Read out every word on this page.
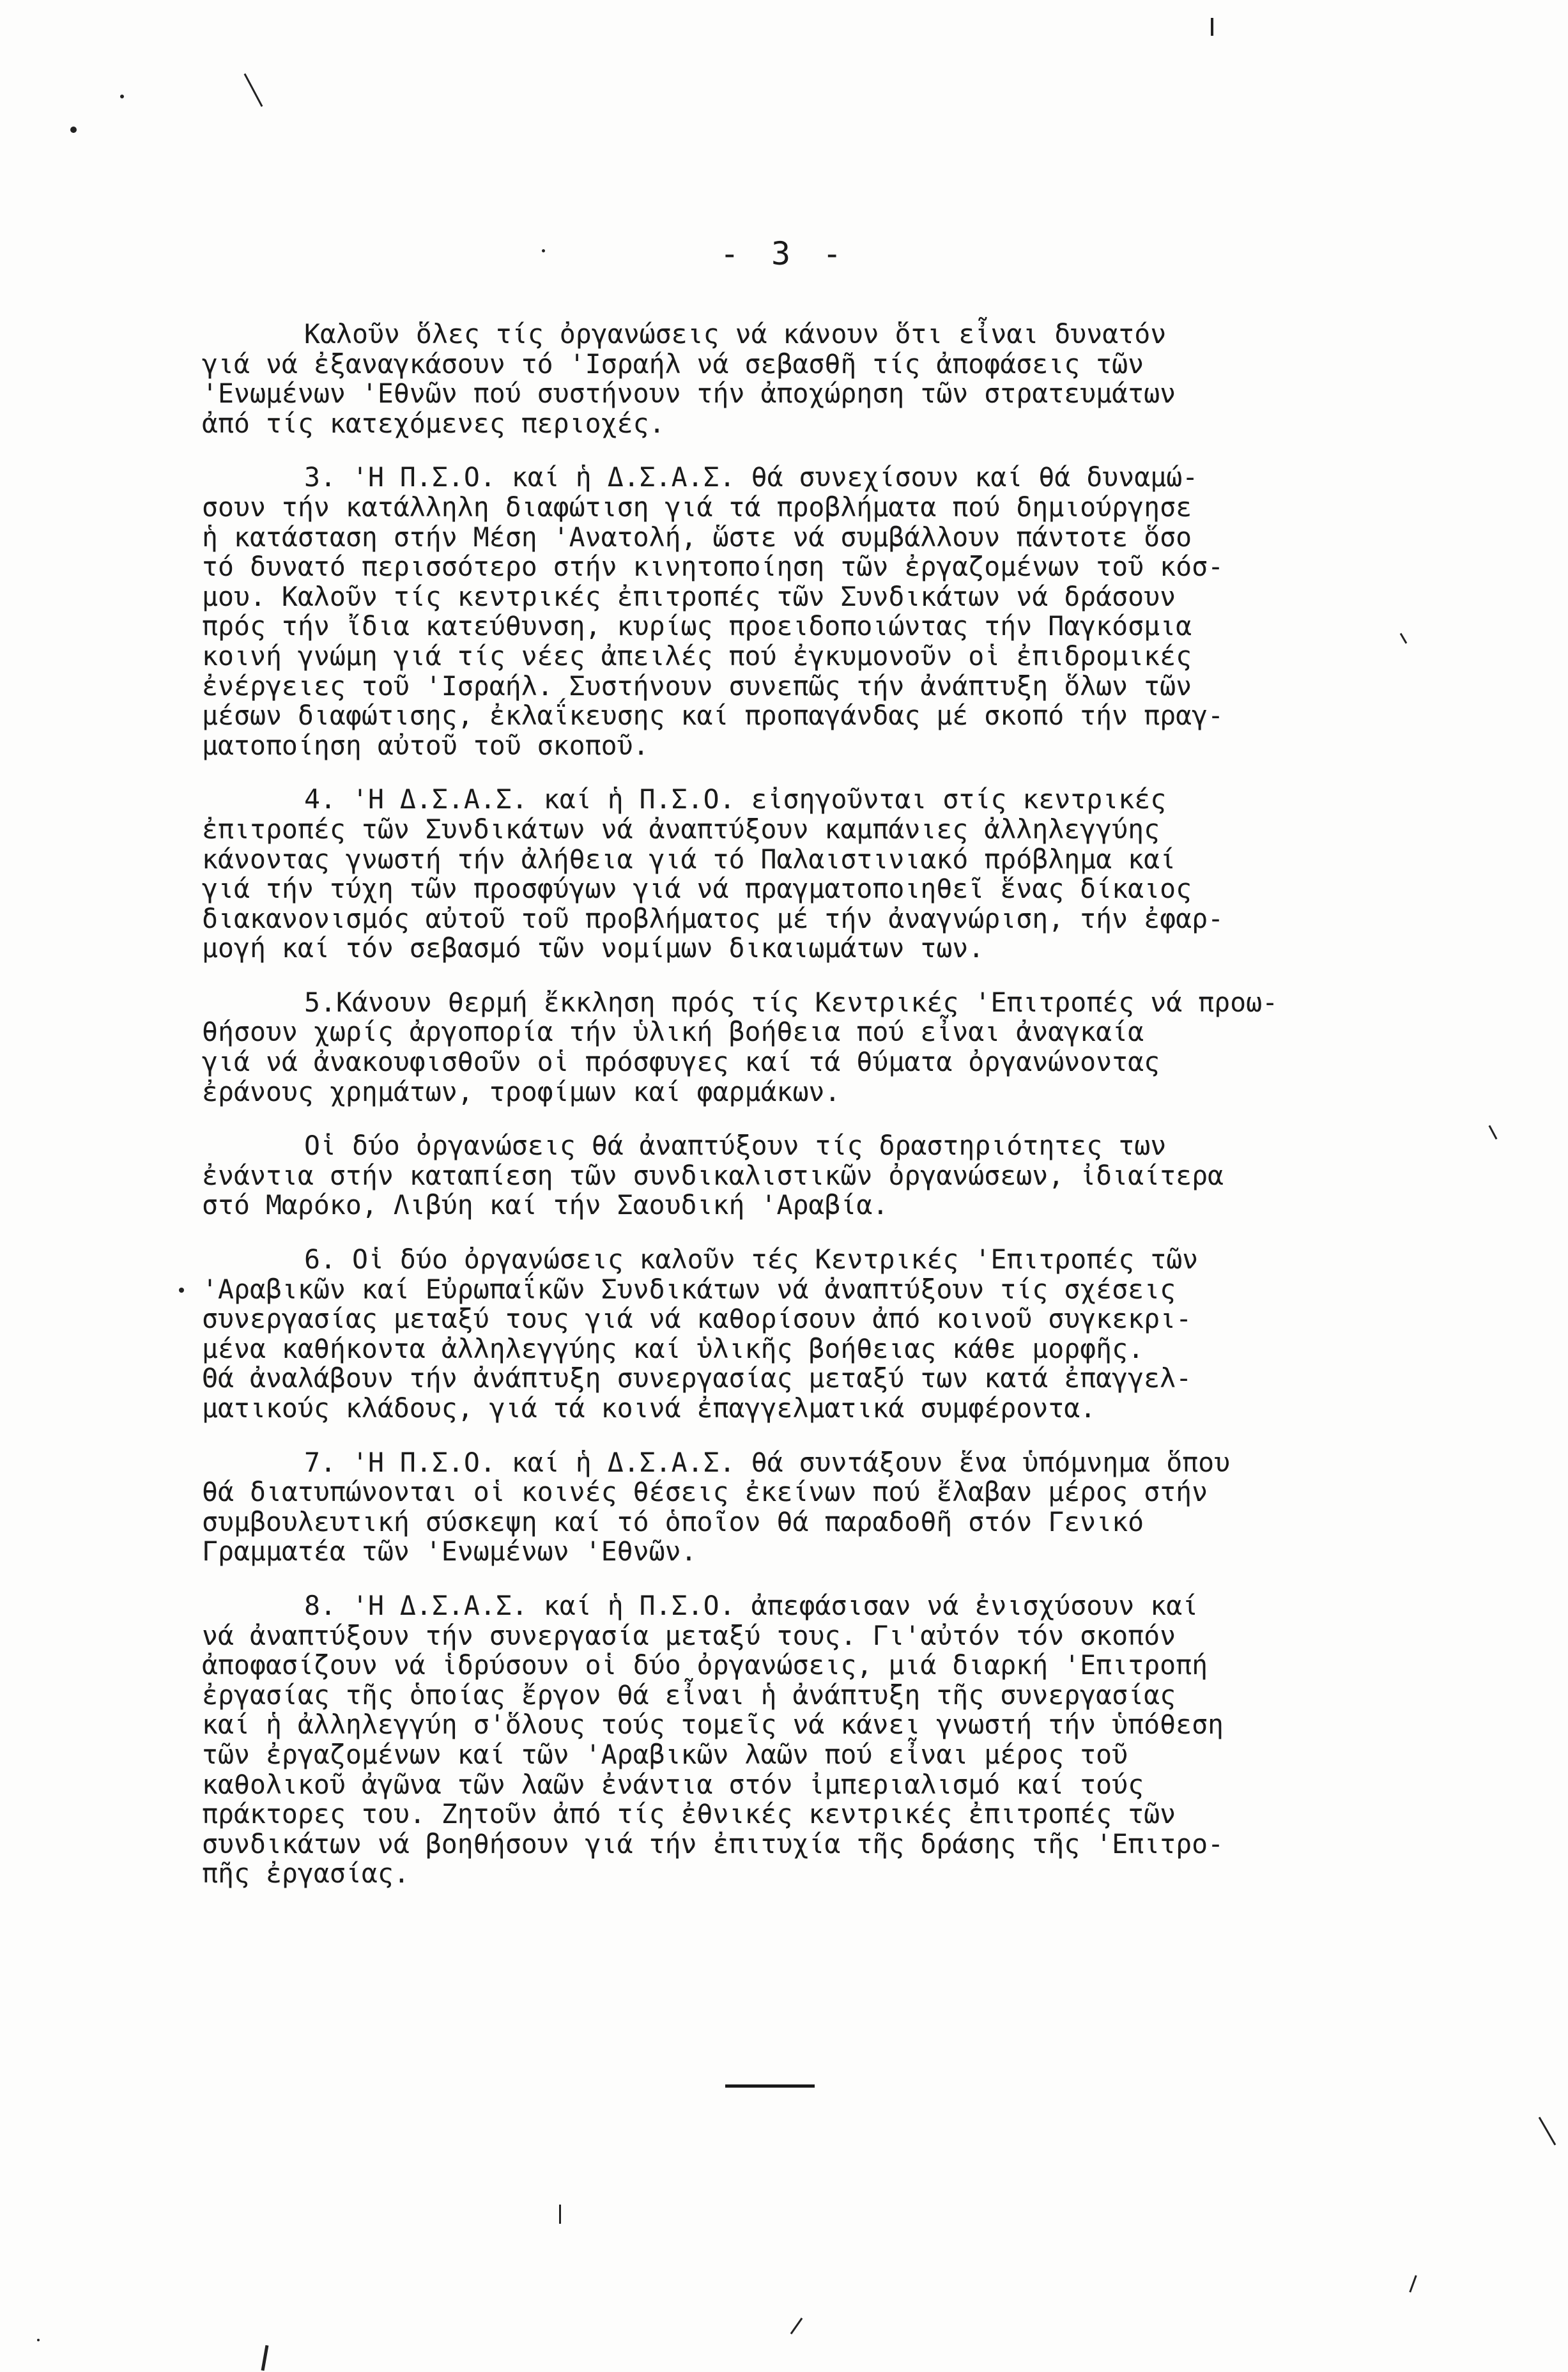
- 3 -
Καλοῦν ὅλες τίς ὀργανώσεις νά κάνουν ὅτι εἶναι δυνατόν
γιά νά ἐξαναγκάσουν τό 'Ισραήλ νά σεβασθῆ τίς ἀποφάσεις τῶν
'Ενωμένων 'Εθνῶν πού συστήνουν τήν ἀποχώρηση τῶν στρατευμάτων
ἀπό τίς κατεχόμενες περιοχές.
3. 'Η Π.Σ.Ο. καί ἡ Δ.Σ.Α.Σ. θά συνεχίσουν καί θά δυναμώ-
σουν τήν κατάλληλη διαφώτιση γιά τά προβλήματα πού δημιούργησε
ἡ κατάσταση στήν Μέση 'Ανατολή, ὥστε νά συμβάλλουν πάντοτε ὅσο
τό δυνατό περισσότερο στήν κινητοποίηση τῶν ἐργαζομένων τοῦ κόσ-
μου. Καλοῦν τίς κεντρικές ἐπιτροπές τῶν Συνδικάτων νά δράσουν
πρός τήν ἴδια κατεύθυνση, κυρίως προειδοποιώντας τήν Παγκόσμια
κοινή γνώμη γιά τίς νέες ἀπειλές πού ἐγκυμονοῦν οἱ ἐπιδρομικές
ἐνέργειες τοῦ 'Ισραήλ. Συστήνουν συνεπῶς τήν ἀνάπτυξη ὅλων τῶν
μέσων διαφώτισης, ἐκλαΐκευσης καί προπαγάνδας μέ σκοπό τήν πραγ-
ματοποίηση αὐτοῦ τοῦ σκοποῦ.
4. 'Η Δ.Σ.Α.Σ. καί ἡ Π.Σ.Ο. εἰσηγοῦνται στίς κεντρικές
ἐπιτροπές τῶν Συνδικάτων νά ἀναπτύξουν καμπάνιες ἀλληλεγγύης
κάνοντας γνωστή τήν ἀλήθεια γιά τό Παλαιστινιακό πρόβλημα καί
γιά τήν τύχη τῶν προσφύγων γιά νά πραγματοποιηθεῖ ἕνας δίκαιος
διακανονισμός αὐτοῦ τοῦ προβλήματος μέ τήν ἀναγνώριση, τήν ἐφαρ-
μογή καί τόν σεβασμό τῶν νομίμων δικαιωμάτων των.
5.Κάνουν θερμή ἔκκληση πρός τίς Κεντρικές 'Επιτροπές νά προω-
θήσουν χωρίς ἀργοπορία τήν ὑλική βοήθεια πού εἶναι ἀναγκαία
γιά νά ἀνακουφισθοῦν οἱ πρόσφυγες καί τά θύματα ὀργανώνοντας
ἐράνους χρημάτων, τροφίμων καί φαρμάκων.
Οἱ δύο ὀργανώσεις θά ἀναπτύξουν τίς δραστηριότητες των
ἐνάντια στήν καταπίεση τῶν συνδικαλιστικῶν ὀργανώσεων, ἰδιαίτερα
στό Μαρόκο, Λιβύη καί τήν Σαουδική 'Αραβία.
6. Οἱ δύο ὀργανώσεις καλοῦν τές Κεντρικές 'Επιτροπές τῶν
'Αραβικῶν καί Εὐρωπαΐκῶν Συνδικάτων νά ἀναπτύξουν τίς σχέσεις
συνεργασίας μεταξύ τους γιά νά καθορίσουν ἀπό κοινοῦ συγκεκρι-
μένα καθήκοντα ἀλληλεγγύης καί ὑλικῆς βοήθειας κάθε μορφῆς.
Θά ἀναλάβουν τήν ἀνάπτυξη συνεργασίας μεταξύ των κατά ἐπαγγελ-
ματικούς κλάδους, γιά τά κοινά ἐπαγγελματικά συμφέροντα.
7. 'Η Π.Σ.Ο. καί ἡ Δ.Σ.Α.Σ. θά συντάξουν ἕνα ὑπόμνημα ὅπου
θά διατυπώνονται οἱ κοινές θέσεις ἐκείνων πού ἔλαβαν μέρος στήν
συμβουλευτική σύσκεψη καί τό ὁποῖον θά παραδοθῆ στόν Γενικό
Γραμματέα τῶν 'Ενωμένων 'Εθνῶν.
8. 'Η Δ.Σ.Α.Σ. καί ἡ Π.Σ.Ο. ἀπεφάσισαν νά ἐνισχύσουν καί
νά ἀναπτύξουν τήν συνεργασία μεταξύ τους. Γι'αὐτόν τόν σκοπόν
ἀποφασίζουν νά ἱδρύσουν οἱ δύο ὀργανώσεις, μιά διαρκή 'Επιτροπή
ἐργασίας τῆς ὁποίας ἔργον θά εἶναι ἡ ἀνάπτυξη τῆς συνεργασίας
καί ἡ ἀλληλεγγύη σ'ὅλους τούς τομεῖς νά κάνει γνωστή τήν ὑπόθεση
τῶν ἐργαζομένων καί τῶν 'Αραβικῶν λαῶν πού εἶναι μέρος τοῦ
καθολικοῦ ἀγῶνα τῶν λαῶν ἐνάντια στόν ἰμπεριαλισμό καί τούς
πράκτορες του. Ζητοῦν ἀπό τίς ἐθνικές κεντρικές ἐπιτροπές τῶν
συνδικάτων νά βοηθήσουν γιά τήν ἐπιτυχία τῆς δράσης τῆς 'Επιτρο-
πῆς ἐργασίας.
